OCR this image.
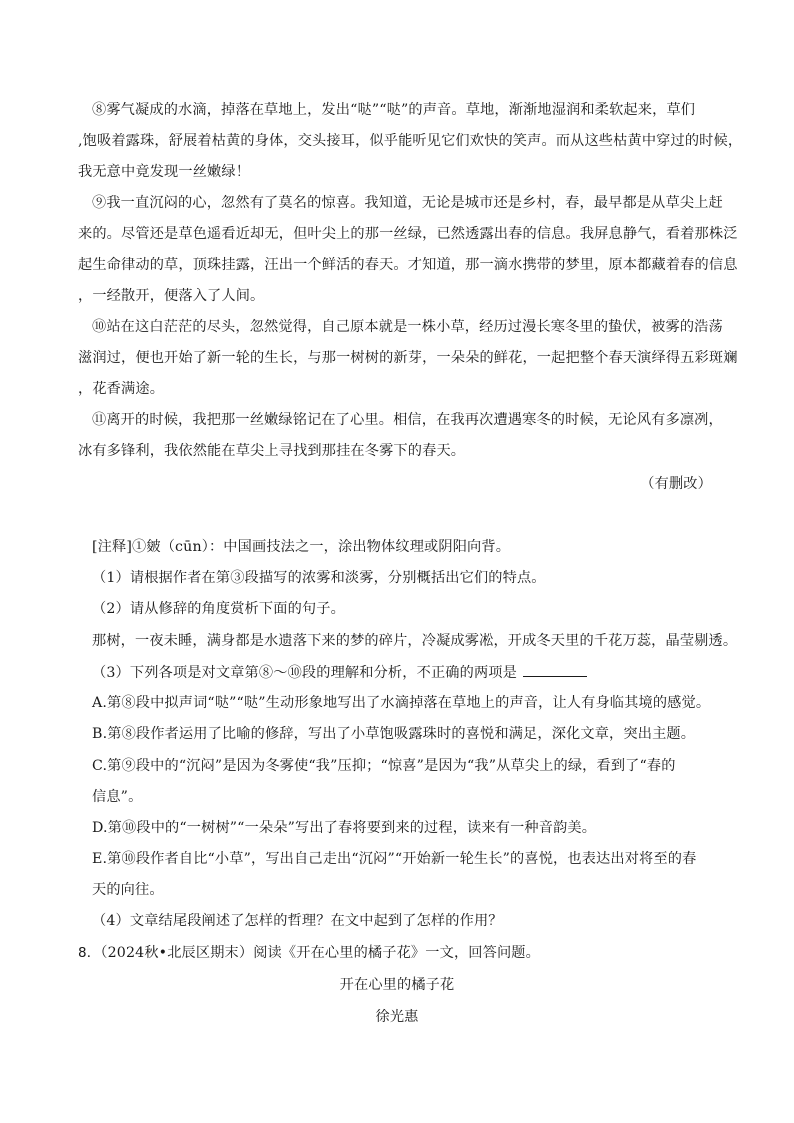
⑧雾气凝成的水滴，掉落在草地上，发出“哒”“哒”的声音。草地，渐渐地湿润和柔软起来，草们
,饱吸着露珠，舒展着枯黄的身体，交头接耳，似乎能听见它们欢快的笑声。而从这些枯黄中穿过的时候，
我无意中竟发现一丝嫩绿！
⑨我一直沉闷的心，忽然有了莫名的惊喜。我知道，无论是城市还是乡村，春，最早都是从草尖上赶
来的。尽管还是草色遥看近却无，但叶尖上的那一丝绿，已然透露出春的信息。我屏息静气，看着那株泛
起生命律动的草，顶珠挂露，汪出一个鲜活的春天。才知道，那一滴水携带的梦里，原本都藏着春的信息
，一经散开，便落入了人间。
⑩站在这白茫茫的尽头，忽然觉得，自己原本就是一株小草，经历过漫长寒冬里的蛰伏，被雾的浩荡
滋润过，便也开始了新一轮的生长，与那一树树的新芽，一朵朵的鲜花，一起把整个春天演绎得五彩斑斓
，花香满途。
⑪离开的时候，我把那一丝嫩绿铭记在了心里。相信，在我再次遭遇寒冬的时候，无论风有多凛冽，
冰有多锋利，我依然能在草尖上寻找到那挂在冬雾下的春天。
（有删改）
[注释]①皴（cūn）：中国画技法之一，涂出物体纹理或阴阳向背。
（1）请根据作者在第③段描写的浓雾和淡雾，分别概括出它们的特点。
（2）请从修辞的角度赏析下面的句子。
那树，一夜未睡，满身都是水遗落下来的梦的碎片，冷凝成雾凇，开成冬天里的千花万蕊，晶莹剔透。
（3）下列各项是对文章第⑧～⑩段的理解和分析，不正确的两项是
A.第⑧段中拟声词“哒”“哒”生动形象地写出了水滴掉落在草地上的声音，让人有身临其境的感觉。
B.第⑧段作者运用了比喻的修辞，写出了小草饱吸露珠时的喜悦和满足，深化文章，突出主题。
C.第⑨段中的“沉闷”是因为冬雾使“我”压抑；“惊喜”是因为“我”从草尖上的绿，看到了“春的
信息”。
D.第⑩段中的“一树树”“一朵朵”写出了春将要到来的过程，读来有一种音韵美。
E.第⑩段作者自比“小草”，写出自己走出“沉闷”“开始新一轮生长”的喜悦，也表达出对将至的春
天的向往。
（4）文章结尾段阐述了怎样的哲理？在文中起到了怎样的作用？
8．（2024秋•北辰区期末）阅读《开在心里的橘子花》一文，回答问题。
开在心里的橘子花
徐光惠
